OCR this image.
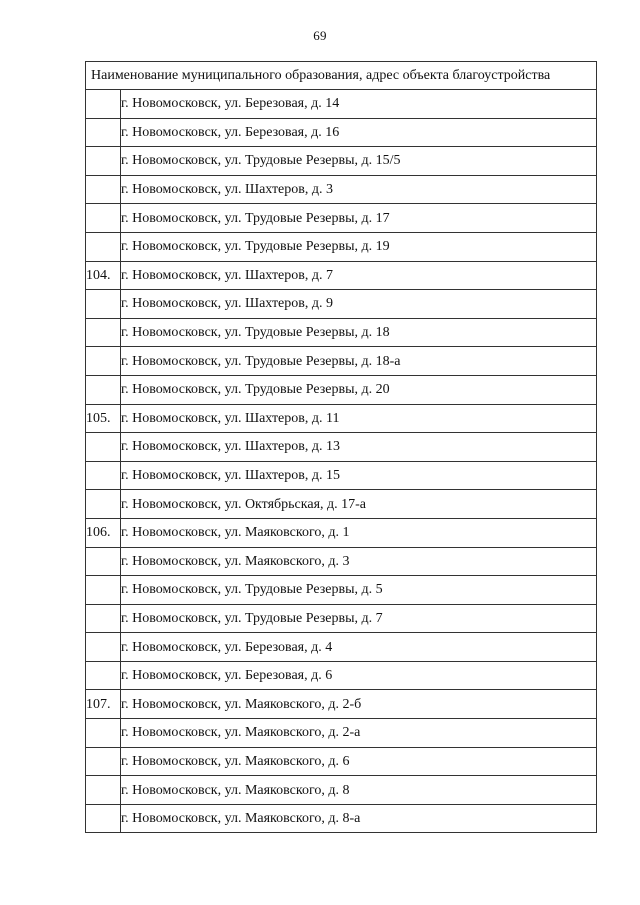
69
Наименование муниципального образования, адрес объекта благоустройства	
	г. Новомосковск, ул. Березовая, д. 14
	г. Новомосковск, ул. Березовая, д. 16
	г. Новомосковск, ул. Трудовые Резервы, д. 15/5
	г. Новомосковск, ул. Шахтеров, д. 3
	г. Новомосковск, ул. Трудовые Резервы, д. 17
	г. Новомосковск, ул. Трудовые Резервы, д. 19
104.	г. Новомосковск, ул. Шахтеров, д. 7
	г. Новомосковск, ул. Шахтеров, д. 9
	г. Новомосковск, ул. Трудовые Резервы, д. 18
	г. Новомосковск, ул. Трудовые Резервы, д. 18-а
	г. Новомосковск, ул. Трудовые Резервы, д. 20
105.	г. Новомосковск, ул. Шахтеров, д. 11
	г. Новомосковск, ул. Шахтеров, д. 13
	г. Новомосковск, ул. Шахтеров, д. 15
	г. Новомосковск, ул. Октябрьская, д. 17-а
106.	г. Новомосковск, ул. Маяковского, д. 1
	г. Новомосковск, ул. Маяковского, д. 3
	г. Новомосковск, ул. Трудовые Резервы, д. 5
	г. Новомосковск, ул. Трудовые Резервы, д. 7
	г. Новомосковск, ул. Березовая, д. 4
	г. Новомосковск, ул. Березовая, д. 6
107.	г. Новомосковск, ул. Маяковского, д. 2-б
	г. Новомосковск, ул. Маяковского, д. 2-а
	г. Новомосковск, ул. Маяковского, д. 6
	г. Новомосковск, ул. Маяковского, д. 8
	г. Новомосковск, ул. Маяковского, д. 8-а
